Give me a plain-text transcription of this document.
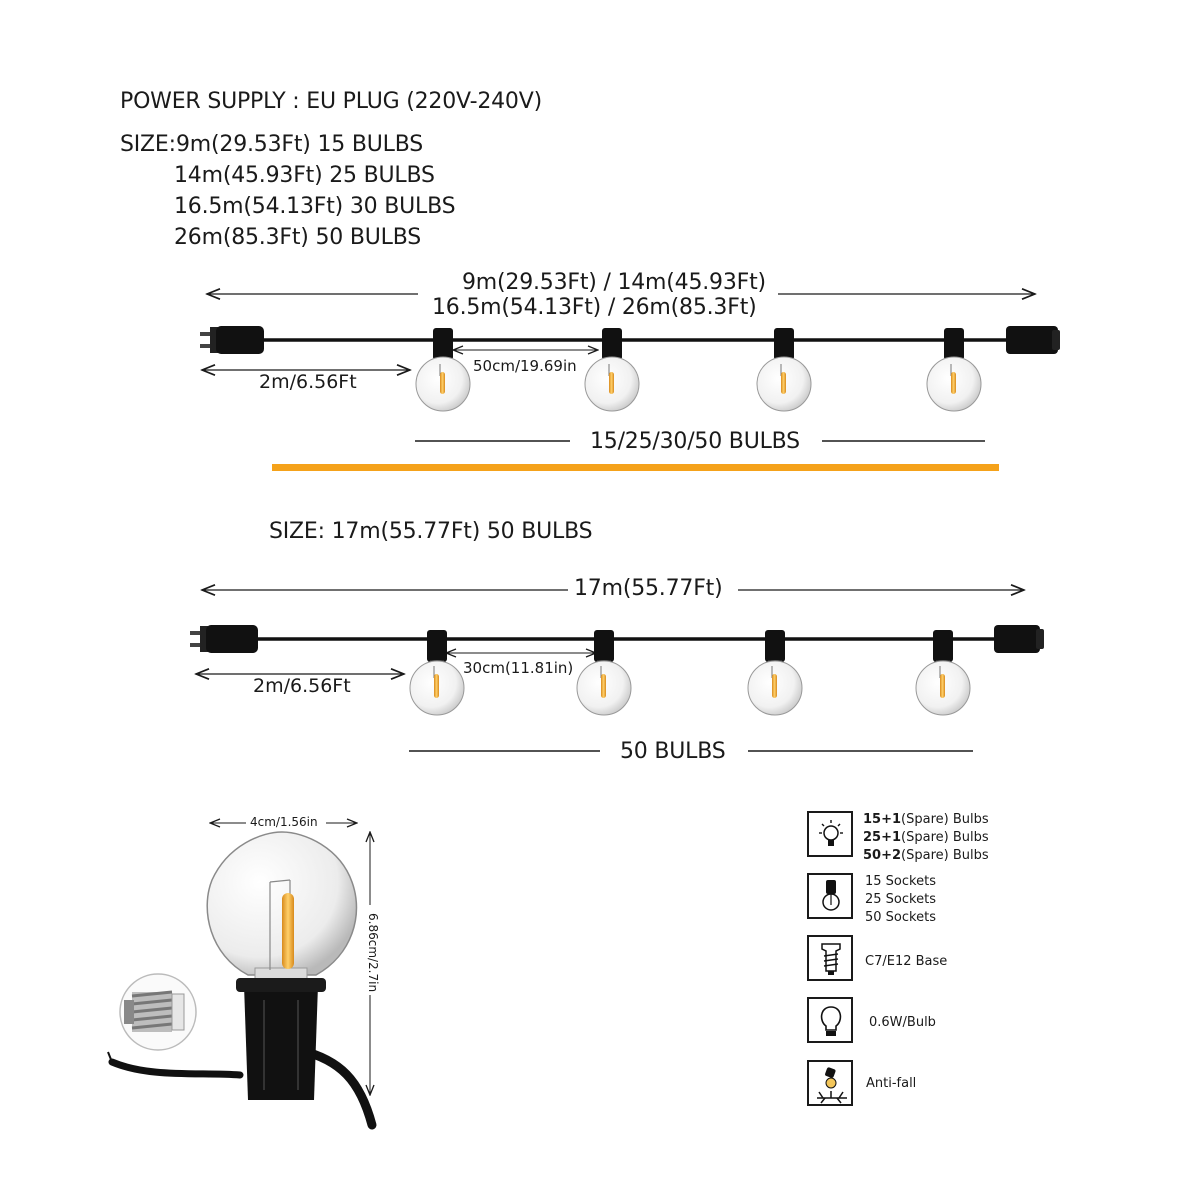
POWER SUPPLY : EU PLUG (220V-240V)
SIZE: 9m(29.53Ft) 15 BULBS
14m(45.93Ft) 25 BULBS
16.5m(54.13Ft) 30 BULBS
26m(85.3Ft) 50 BULBS
9m(29.53Ft) / 14m(45.93Ft)
16.5m(54.13Ft) / 26m(85.3Ft)
2m/6.56Ft
50cm/19.69in
15/25/30/50 BULBS
SIZE: 17m(55.77Ft) 50 BULBS
17m(55.77Ft)
2m/6.56Ft
30cm(11.81in)
50 BULBS
4cm/1.56in
6.86cm/2.7in
15+1(Spare) Bulbs
25+1(Spare) Bulbs
50+2(Spare) Bulbs
15 Sockets
25 Sockets
50 Sockets
C7/E12 Base
0.6W/Bulb
Anti-fall
